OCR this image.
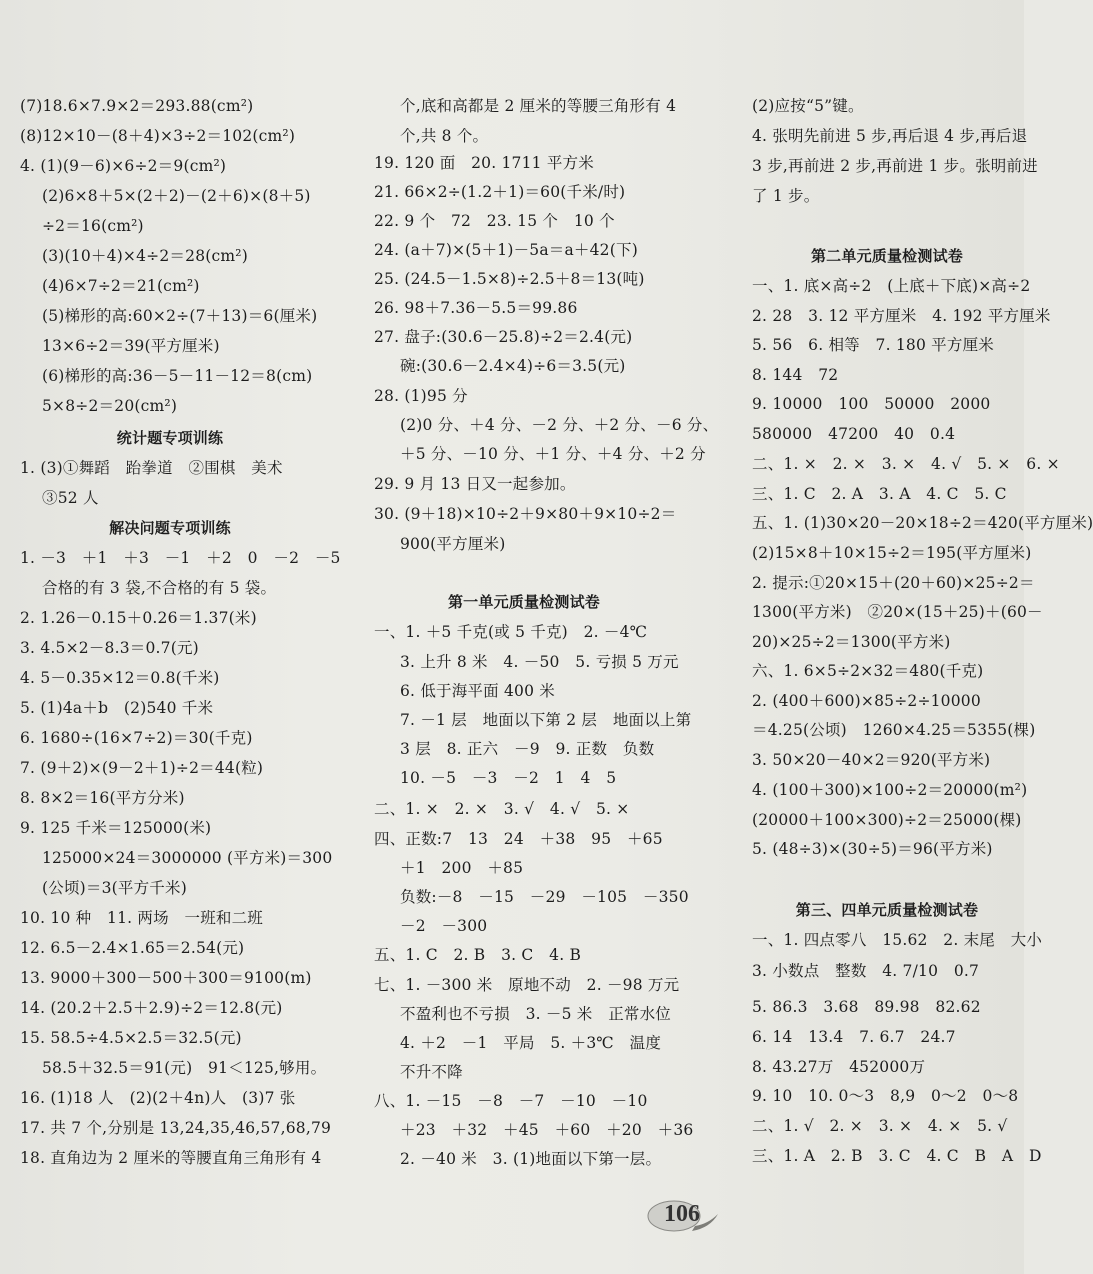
(7)18.6×7.9×2＝293.88(cm²)
(8)12×10－(8＋4)×3÷2＝102(cm²)
4. (1)(9－6)×6÷2＝9(cm²)
(2)6×8＋5×(2＋2)－(2＋6)×(8＋5)
÷2＝16(cm²)
(3)(10＋4)×4÷2＝28(cm²)
(4)6×7÷2＝21(cm²)
(5)梯形的高:60×2÷(7＋13)＝6(厘米)
13×6÷2＝39(平方厘米)
(6)梯形的高:36－5－11－12＝8(cm)
5×8÷2＝20(cm²)
统计题专项训练
1. (3)①舞蹈　跆拳道　②围棋　美术
③52 人
解决问题专项训练
1. －3　＋1　＋3　－1　＋2　0　－2　－5
合格的有 3 袋,不合格的有 5 袋。
2. 1.26－0.15＋0.26＝1.37(米)
3. 4.5×2－8.3＝0.7(元)
4. 5－0.35×12＝0.8(千米)
5. (1)4a＋b　(2)540 千米
6. 1680÷(16×7÷2)＝30(千克)
7. (9＋2)×(9－2＋1)÷2＝44(粒)
8. 8×2＝16(平方分米)
9. 125 千米＝125000(米)
125000×24＝3000000 (平方米)＝300
(公顷)＝3(平方千米)
10. 10 种　11. 两场　一班和二班
12. 6.5－2.4×1.65＝2.54(元)
13. 9000＋300－500＋300＝9100(m)
14. (20.2＋2.5＋2.9)÷2＝12.8(元)
15. 58.5÷4.5×2.5＝32.5(元)
58.5＋32.5＝91(元)　91＜125,够用。
16. (1)18 人　(2)(2＋4n)人　(3)7 张
17. 共 7 个,分别是 13,24,35,46,57,68,79
18. 直角边为 2 厘米的等腰直角三角形有 4
个,底和高都是 2 厘米的等腰三角形有 4
个,共 8 个。
19. 120 面　20. 1711 平方米
21. 66×2÷(1.2＋1)＝60(千米/时)
22. 9 个　72　23. 15 个　10 个
24. (a＋7)×(5＋1)－5a＝a＋42(下)
25. (24.5－1.5×8)÷2.5＋8＝13(吨)
26. 98＋7.36－5.5＝99.86
27. 盘子:(30.6－25.8)÷2＝2.4(元)
碗:(30.6－2.4×4)÷6＝3.5(元)
28. (1)95 分
(2)0 分、＋4 分、－2 分、＋2 分、－6 分、
＋5 分、－10 分、＋1 分、＋4 分、＋2 分
29. 9 月 13 日又一起参加。
30. (9＋18)×10÷2＋9×80＋9×10÷2＝
900(平方厘米)
第一单元质量检测试卷
一、1. ＋5 千克(或 5 千克)　2. －4℃
3. 上升 8 米　4. －50　5. 亏损 5 万元
6. 低于海平面 400 米
7. －1 层　地面以下第 2 层　地面以上第
3 层　8. 正六　－9　9. 正数　负数
10. －5　－3　－2　1　4　5
二、1. ×　2. ×　3. √　4. √　5. ×
四、正数:7　13　24　＋38　95　＋65
＋1　200　＋85
负数:－8　－15　－29　－105　－350
－2　－300
五、1. C　2. B　3. C　4. B
七、1. －300 米　原地不动　2. －98 万元
不盈利也不亏损　3. －5 米　正常水位
4. ＋2　－1　平局　5. ＋3℃　温度
不升不降
八、1. －15　－8　－7　－10　－10
＋23　＋32　＋45　＋60　＋20　＋36
2. －40 米　3. (1)地面以下第一层。
(2)应按“5”键。
4. 张明先前进 5 步,再后退 4 步,再后退
3 步,再前进 2 步,再前进 1 步。张明前进
了 1 步。
第二单元质量检测试卷
一、1. 底×高÷2　(上底＋下底)×高÷2
2. 28　3. 12 平方厘米　4. 192 平方厘米
5. 56　6. 相等　7. 180 平方厘米
8. 144　72
9. 10000　100　50000　2000
580000　47200　40　0.4
二、1. ×　2. ×　3. ×　4. √　5. ×　6. ×
三、1. C　2. A　3. A　4. C　5. C
五、1. (1)30×20－20×18÷2＝420(平方厘米)
(2)15×8＋10×15÷2＝195(平方厘米)
2. 提示:①20×15＋(20＋60)×25÷2＝
1300(平方米)　②20×(15＋25)＋(60－
20)×25÷2＝1300(平方米)
六、1. 6×5÷2×32＝480(千克)
2. (400＋600)×85÷2÷10000
＝4.25(公顷)　1260×4.25＝5355(棵)
3. 50×20－40×2＝920(平方米)
4. (100＋300)×100÷2＝20000(m²)
(20000＋100×300)÷2＝25000(棵)
5. (48÷3)×(30÷5)＝96(平方米)
第三、四单元质量检测试卷
一、1. 四点零八　15.62　2. 末尾　大小
3. 小数点　整数　4. 7/10　0.7
5. 86.3　3.68　89.98　82.62
6. 14　13.4　7. 6.7　24.7
8. 43.27万　452000万
9. 10　10. 0～3　8,9　0～2　0～8
二、1. √　2. ×　3. ×　4. ×　5. √
三、1. A　2. B　3. C　4. C　B　A　D
106
